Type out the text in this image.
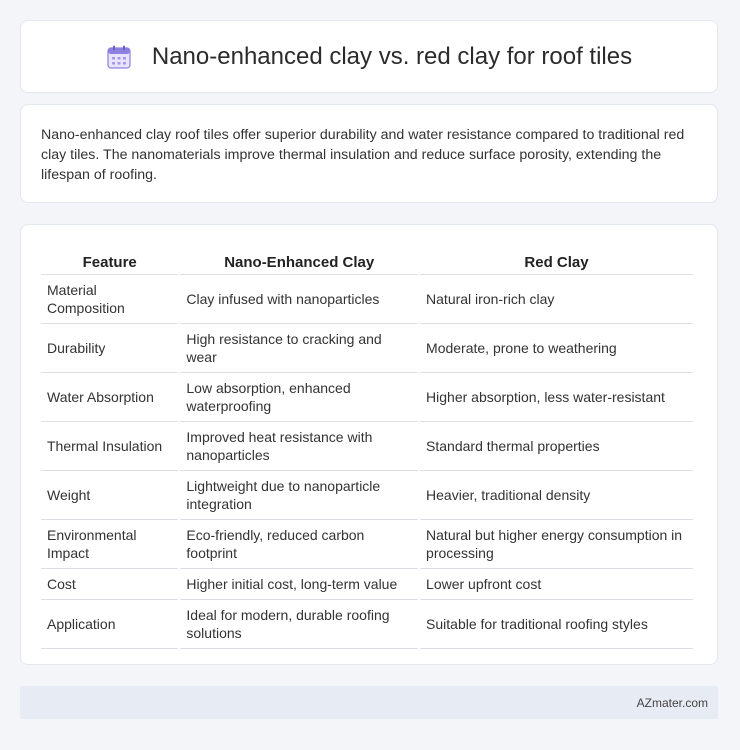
Nano-enhanced clay vs. red clay for roof tiles

Nano-enhanced clay roof tiles offer superior durability and water resistance compared to traditional red clay tiles. The nanomaterials improve thermal insulation and reduce surface porosity, extending the lifespan of roofing.

Feature	Nano-Enhanced Clay	Red Clay
Material Composition	Clay infused with nanoparticles	Natural iron-rich clay
Durability	High resistance to cracking and wear	Moderate, prone to weathering
Water Absorption	Low absorption, enhanced waterproofing	Higher absorption, less water-resistant
Thermal Insulation	Improved heat resistance with nanoparticles	Standard thermal properties
Weight	Lightweight due to nanoparticle integration	Heavier, traditional density
Environmental Impact	Eco-friendly, reduced carbon footprint	Natural but higher energy consumption in processing
Cost	Higher initial cost, long-term value	Lower upfront cost
Application	Ideal for modern, durable roofing solutions	Suitable for traditional roofing styles
AZmater.com
